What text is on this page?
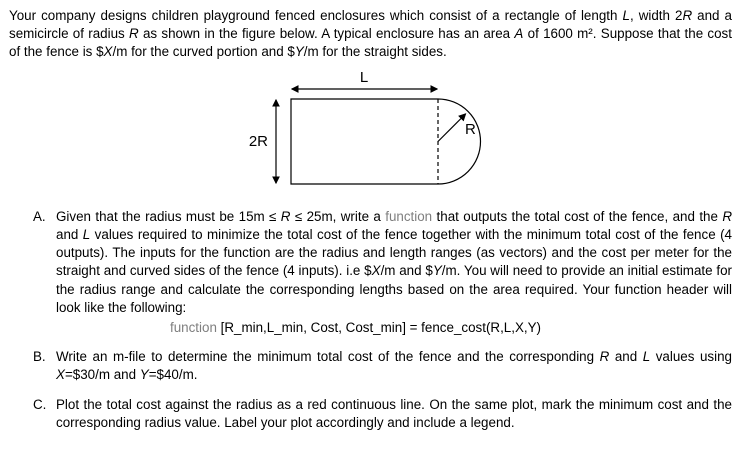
Your company designs children playground fenced enclosures which consist of a rectangle of length L, width 2R and a semicircle of radius R as shown in the figure below. A typical enclosure has an area A of 1600 m². Suppose that the cost of the fence is $X/m for the curved portion and $Y/m for the straight sides.

L
2R
R
A. Given that the radius must be 15m ≤ R ≤ 25m, write a function that outputs the total cost of the fence, and the R and L values required to minimize the total cost of the fence together with the minimum total cost of the fence (4 outputs). The inputs for the function are the radius and length ranges (as vectors) and the cost per meter for the straight and curved sides of the fence (4 inputs). i.e $X/m and $Y/m. You will need to provide an initial estimate for the radius range and calculate the corresponding lengths based on the area required. Your function header will look like the following:

function [R_min,L_min, Cost, Cost_min] = fence_cost(R,L,X,Y)

B. Write an m-file to determine the minimum total cost of the fence and the corresponding R and L values using X=$30/m and Y=$40/m.

C. Plot the total cost against the radius as a red continuous line. On the same plot, mark the minimum cost and the corresponding radius value. Label your plot accordingly and include a legend.
